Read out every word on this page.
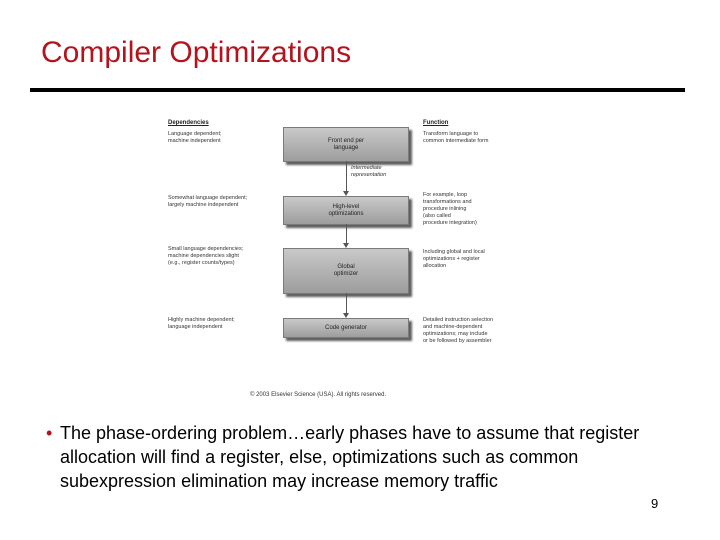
Compiler Optimizations
Dependencies	Function
Language dependent;
machine independent	Front end per
language
Transform language to
common intermediate form
Intermediate
representation
Somewhat language dependent;
largely machine independent	High-level
optimizations
For example, loop
transformations and
procedure inlining
(also called
procedure integration)
Small language dependencies;
machine dependencies slight
(e.g., register counts/types)
Global
optimizer
Including global and local
optimizations + register
allocation
Highly machine dependent;
language independent	Code generator
Detailed instruction selection
and machine-dependent
optimizations; may include
or be followed by assembler
© 2003 Elsevier Science (USA). All rights reserved.
• The phase-ordering problem…early phases have to assume that register allocation will find a register, else, optimizations such as common subexpression elimination may increase memory traffic
9
